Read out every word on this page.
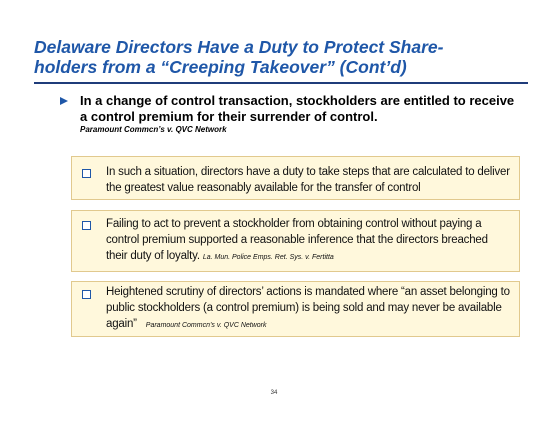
Delaware Directors Have a Duty to Protect Share-
holders from a “Creeping Takeover” (Cont’d)
In a change of control transaction, stockholders are entitled to receive a control premium for their surrender of control.
Paramount Commcn’s v. QVC Network
In such a situation, directors have a duty to take steps that are calculated to deliver the greatest value reasonably available for the transfer of control
Failing to act to prevent a stockholder from obtaining control without paying a control premium supported a reasonable inference that the directors breached their duty of loyalty. La. Mun. Police Emps. Ret. Sys. v. Fertitta
Heightened scrutiny of directors’ actions is mandated where “an asset belonging to public stockholders (a control premium) is being sold and may never be available again” Paramount Commcn’s v. QVC Network
34
